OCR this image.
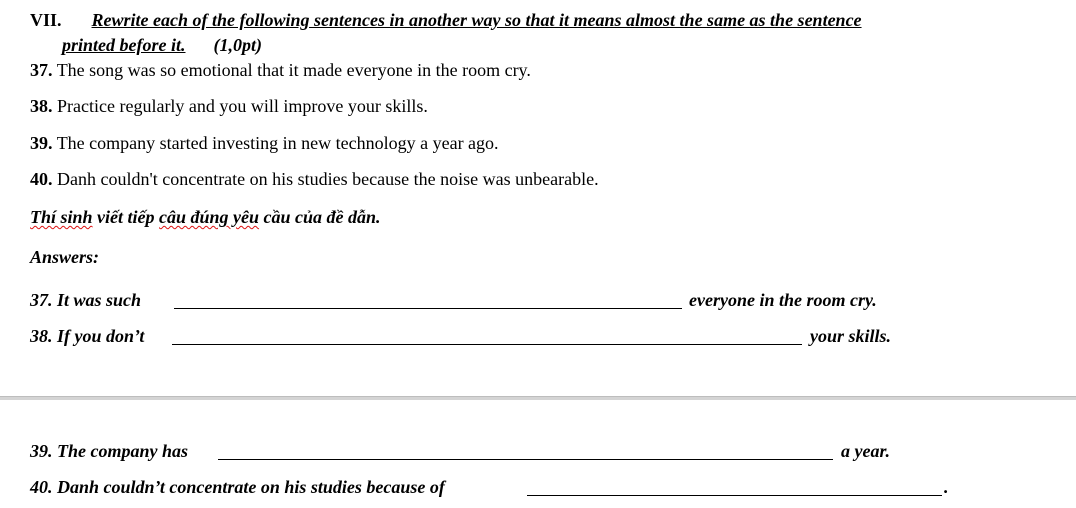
VII. Rewrite each of the following sentences in another way so that it means almost the same as the sentence
printed before it. (1,0pt)
37. The song was so emotional that it made everyone in the room cry.
38. Practice regularly and you will improve your skills.
39. The company started investing in new technology a year ago.
40. Danh couldn't concentrate on his studies because the noise was unbearable.
Thí sinh viết tiếp câu đúng yêu cầu của đề dẫn.
Answers:
37. It was such	everyone in the room cry.
38. If you don’t	your skills.
39. The company has	a year.
40. Danh couldn’t concentrate on his studies because of	.
